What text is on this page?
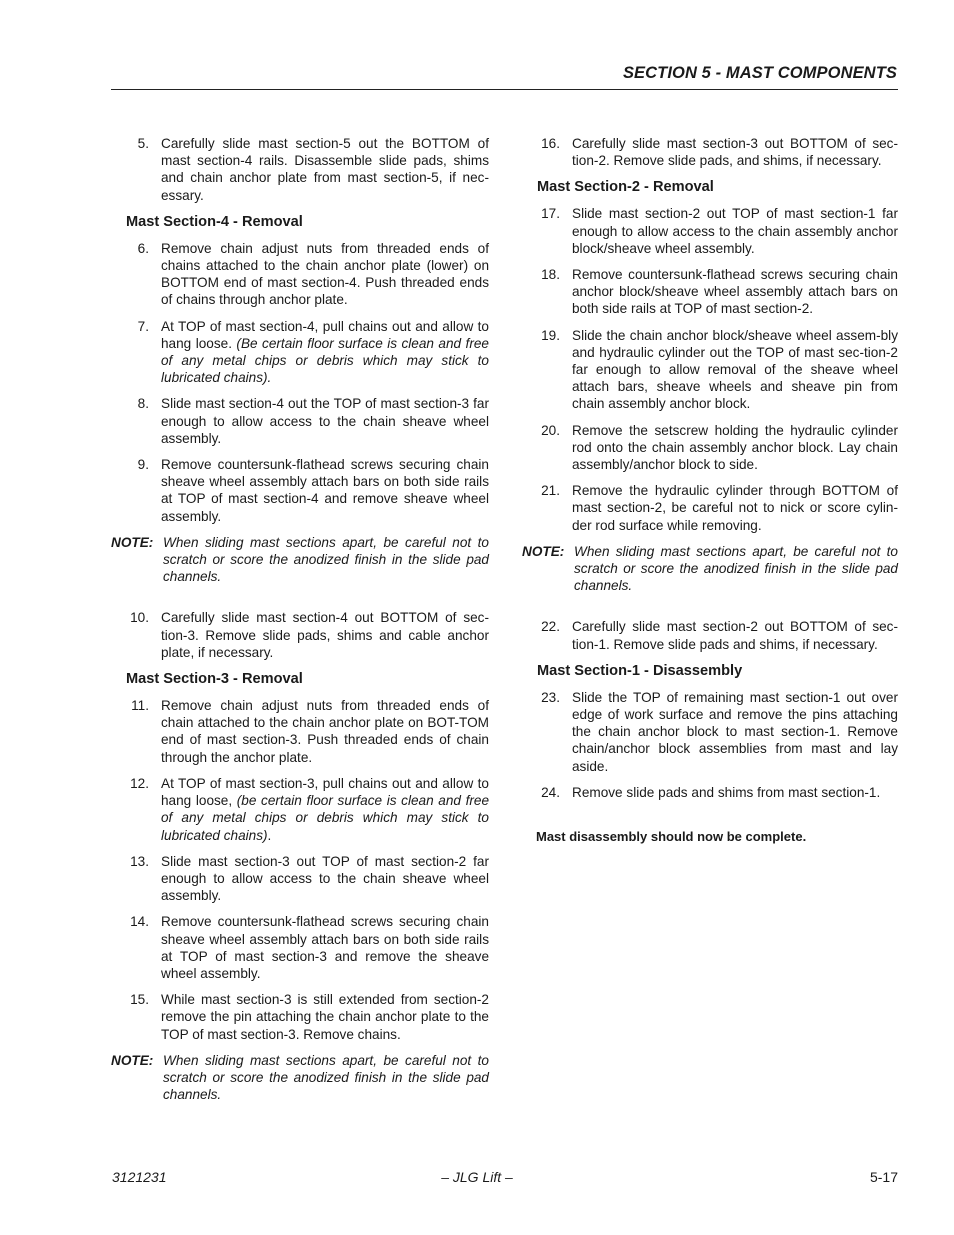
SECTION 5 - MAST COMPONENTS
5. Carefully slide mast section-5 out the BOTTOM of mast section-4 rails. Disassemble slide pads, shims and chain anchor plate from mast section-5, if nec-essary.
Mast Section-4 - Removal
6. Remove chain adjust nuts from threaded ends of chains attached to the chain anchor plate (lower) on BOTTOM end of mast section-4. Push threaded ends of chains through anchor plate.
7. At TOP of mast section-4, pull chains out and allow to hang loose. (Be certain floor surface is clean and free of any metal chips or debris which may stick to lubricated chains).
8. Slide mast section-4 out the TOP of mast section-3 far enough to allow access to the chain sheave wheel assembly.
9. Remove countersunk-flathead screws securing chain sheave wheel assembly attach bars on both side rails at TOP of mast section-4 and remove sheave wheel assembly.
NOTE: When sliding mast sections apart, be careful not to scratch or score the anodized finish in the slide pad channels.
10. Carefully slide mast section-4 out BOTTOM of sec-tion-3. Remove slide pads, shims and cable anchor plate, if necessary.
Mast Section-3 - Removal
11. Remove chain adjust nuts from threaded ends of chain attached to the chain anchor plate on BOT-TOM end of mast section-3. Push threaded ends of chain through the anchor plate.
12. At TOP of mast section-3, pull chains out and allow to hang loose, (be certain floor surface is clean and free of any metal chips or debris which may stick to lubricated chains).
13. Slide mast section-3 out TOP of mast section-2 far enough to allow access to the chain sheave wheel assembly.
14. Remove countersunk-flathead screws securing chain sheave wheel assembly attach bars on both side rails at TOP of mast section-3 and remove the sheave wheel assembly.
15. While mast section-3 is still extended from section-2 remove the pin attaching the chain anchor plate to the TOP of mast section-3. Remove chains.
NOTE: When sliding mast sections apart, be careful not to scratch or score the anodized finish in the slide pad channels.
16. Carefully slide mast section-3 out BOTTOM of sec-tion-2. Remove slide pads, and shims, if necessary.
Mast Section-2 - Removal
17. Slide mast section-2 out TOP of mast section-1 far enough to allow access to the chain assembly anchor block/sheave wheel assembly.
18. Remove countersunk-flathead screws securing chain anchor block/sheave wheel assembly attach bars on both side rails at TOP of mast section-2.
19. Slide the chain anchor block/sheave wheel assem-bly and hydraulic cylinder out the TOP of mast sec-tion-2 far enough to allow removal of the sheave wheel attach bars, sheave wheels and sheave pin from chain assembly anchor block.
20. Remove the setscrew holding the hydraulic cylinder rod onto the chain assembly anchor block. Lay chain assembly/anchor block to side.
21. Remove the hydraulic cylinder through BOTTOM of mast section-2, be careful not to nick or score cylin-der rod surface while removing.
NOTE: When sliding mast sections apart, be careful not to scratch or score the anodized finish in the slide pad channels.
22. Carefully slide mast section-2 out BOTTOM of sec-tion-1. Remove slide pads and shims, if necessary.
Mast Section-1 - Disassembly
23. Slide the TOP of remaining mast section-1 out over edge of work surface and remove the pins attaching the chain anchor block to mast section-1. Remove chain/anchor block assemblies from mast and lay aside.
24. Remove slide pads and shims from mast section-1.
Mast disassembly should now be complete.
3121231	– JLG Lift –	5-17
